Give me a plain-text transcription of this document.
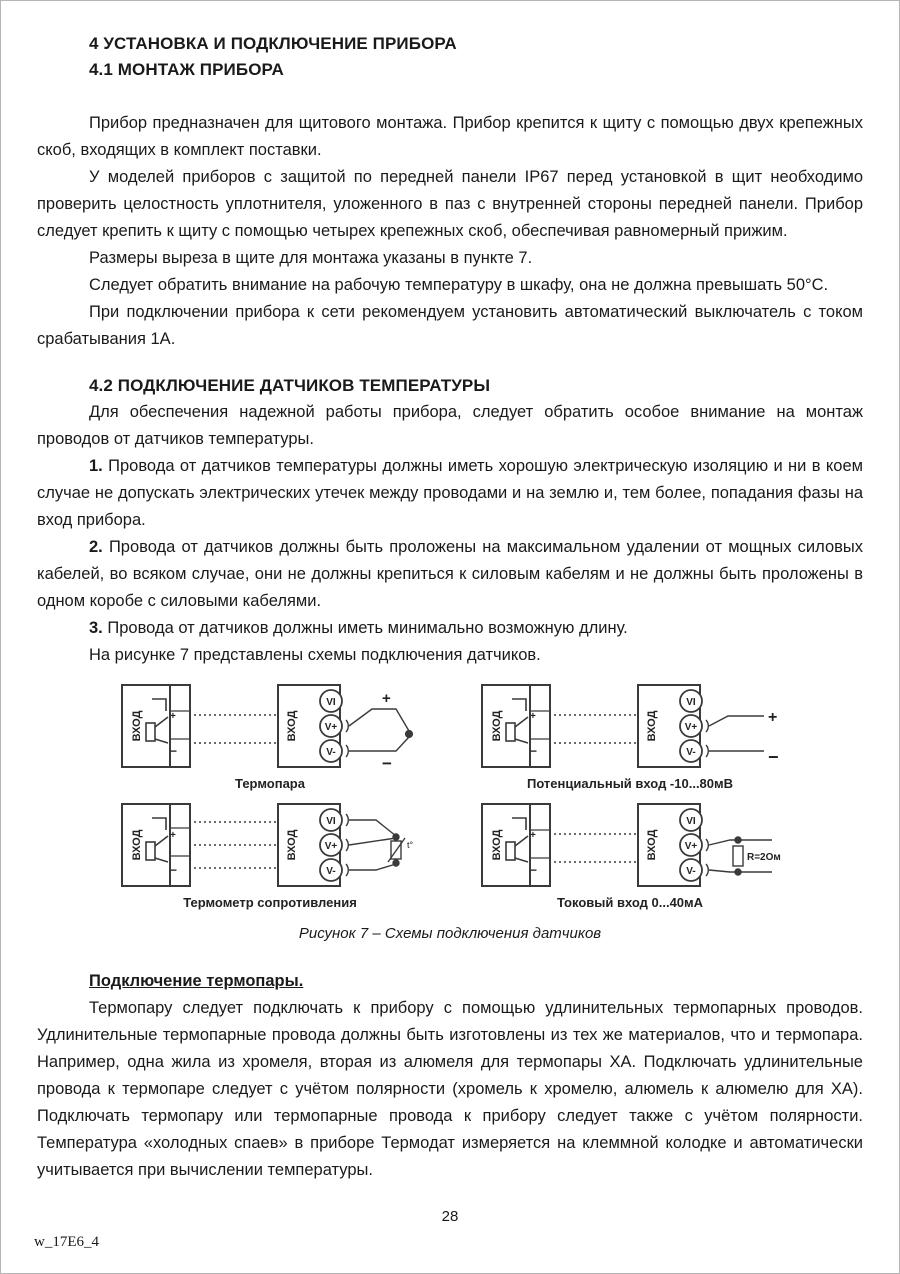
4 УСТАНОВКА И ПОДКЛЮЧЕНИЕ ПРИБОРА
4.1 МОНТАЖ ПРИБОРА

Прибор предназначен для щитового монтажа. Прибор крепится к щиту с помощью двух крепежных скоб, входящих в комплект поставки.

У моделей приборов с защитой по передней панели IP67 перед установкой в щит необходимо проверить целостность уплотнителя, уложенного в паз с внутренней стороны передней панели. Прибор следует крепить к щиту с помощью четырех крепежных скоб, обеспечивая равномерный прижим.

Размеры выреза в щите для монтажа указаны в пункте 7.

Следует обратить внимание на рабочую температуру в шкафу, она не должна превышать 50°С.

При подключении прибора к сети рекомендуем установить автоматический выключатель с током срабатывания 1А.

4.2 ПОДКЛЮЧЕНИЕ ДАТЧИКОВ ТЕМПЕРАТУРЫ

Для обеспечения надежной работы прибора, следует обратить особое внимание на монтаж проводов от датчиков температуры.

1. Провода от датчиков температуры должны иметь хорошую электрическую изоляцию и ни в коем случае не допускать электрических утечек между проводами и на землю и, тем более, попадания фазы на вход прибора.

2. Провода от датчиков должны быть проложены на максимальном удалении от мощных силовых кабелей, во всяком случае, они не должны крепиться к силовым кабелям и не должны быть проложены в одном коробе с силовыми кабелями.

3. Провода от датчиков должны иметь минимально возможную длину.

На рисунке 7 представлены схемы подключения датчиков.

ВХОД	+
−
ВХОД
VI
V+
V-
+
−
Термопара
ВХОД	+
−
ВХОД
VI
V+
V-
+
−
Потенциальный вход -10...80мВ
ВХОД	+
−
ВХОД
VI
V+
V-
t°
Термометр сопротивления
ВХОД	+
−
ВХОД
VI
V+
V-
R=2Ом
Токовый вход 0...40мА
Рисунок 7 – Схемы подключения датчиков
Подключение термопары.

Термопару следует подключать к прибору с помощью удлинительных термопарных проводов. Удлинительные термопарные провода должны быть изготовлены из тех же материалов, что и термопара. Например, одна жила из хромеля, вторая из алюмеля для термопары ХА. Подключать удлинительные провода к термопаре следует с учётом полярности (хромель к хромелю, алюмель к алюмелю для ХА). Подключать термопару или термопарные провода к прибору следует также с учётом полярности. Температура «холодных спаев» в приборе Термодат измеряется на клеммной колодке и автоматически учитывается при вычислении температуры.

28
w_17E6_4
